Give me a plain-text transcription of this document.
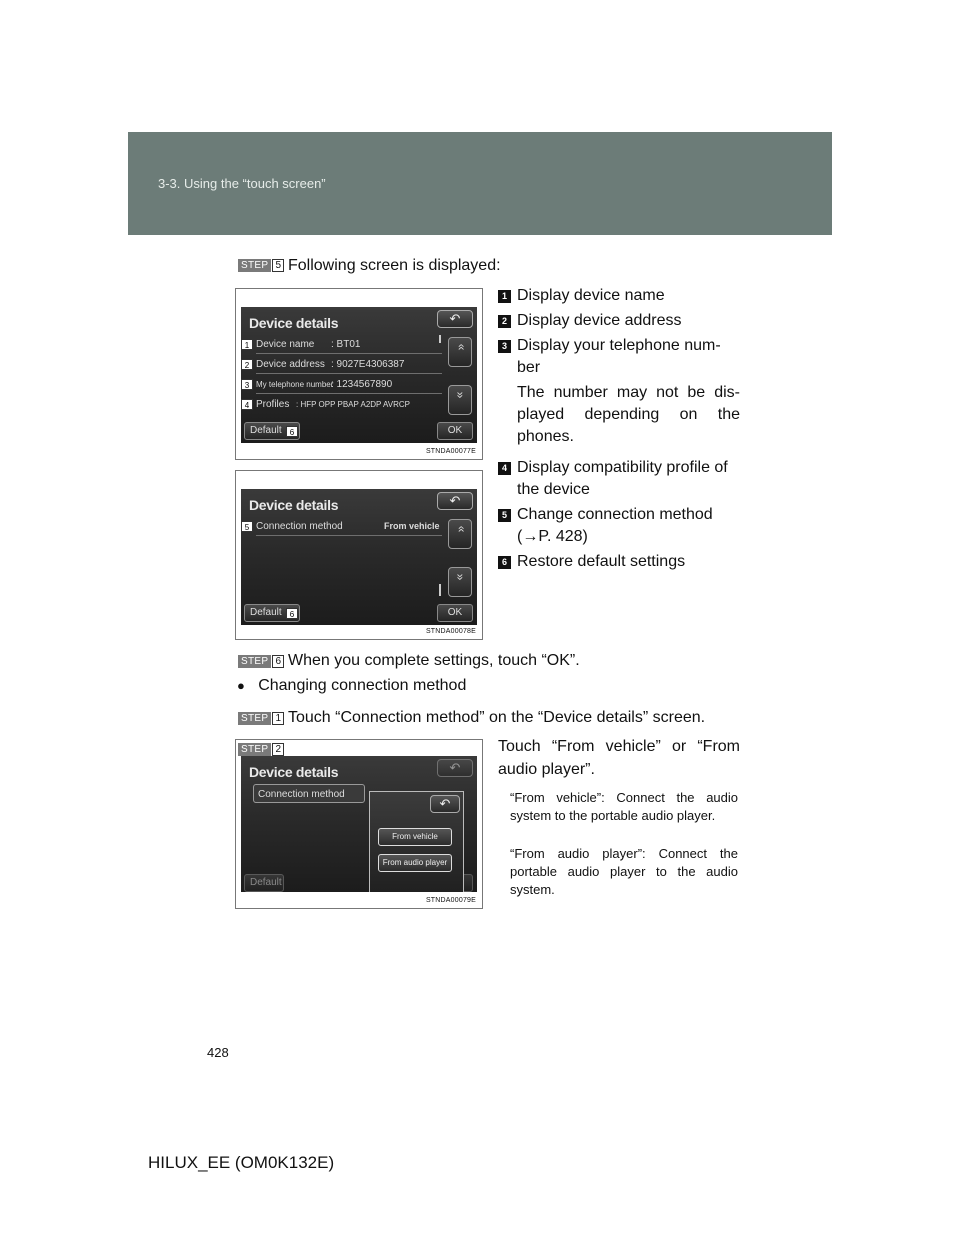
3-3. Using the “touch screen”
STEP 5 Following screen is displayed:
Device details	↶
»
»
Device name : BT01
Device address : 9027E4306387
My telephone number
: 1234567890
Profiles : HFP OPP PBAP A2DP AVRCP
1
2
3
4
Default	6	OK
STNDA00077E
Device details	↶
»
»
Connection method	From vehicle
5
Default	6	OK
STNDA00078E
1 Display device name
2 Display device address
3 Display your telephone num-
ber
The number may not be dis-played depending on the phones.
4 Display compatibility profile of
the device
5 Change connection method
(→P. 428)
6 Restore default settings
STEP 6 When you complete settings, touch “OK”.
● Changing connection method
STEP 1 Touch “Connection method” on the “Device details” screen.
STEP 2
Device details	↶
Connection method
Default
↶
From vehicle
From audio player
STNDA00079E
Touch “From vehicle” or “From
audio player”.
“From vehicle”: Connect the audio system to the portable audio player.
“From audio player”: Connect the portable audio player to the audio system.
428
HILUX_EE (OM0K132E)
